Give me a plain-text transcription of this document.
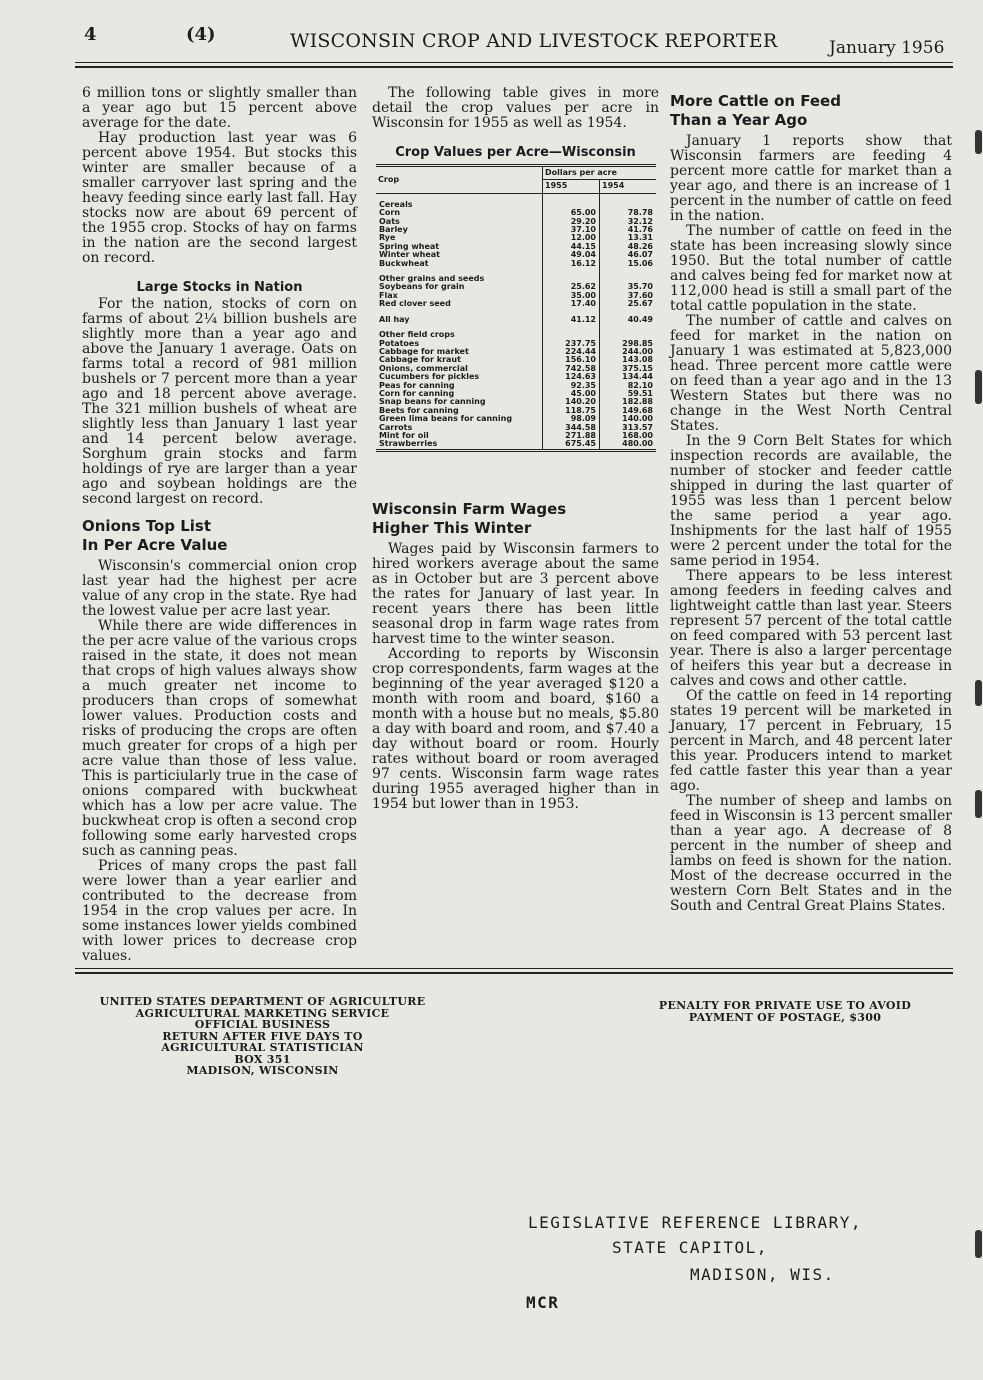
4	(4)	WISCONSIN CROP AND LIVESTOCK REPORTER	January 1956

6 million tons or slightly smaller than a year ago but 15 percent above average for the date.

Hay production last year was 6 percent above 1954. But stocks this winter are smaller because of a smaller carryover last spring and the heavy feeding since early last fall. Hay stocks now are about 69 percent of the 1955 crop. Stocks of hay on farms in the nation are the second largest on record.

Large Stocks in Nation

For the nation, stocks of corn on farms of about 2¼ billion bushels are slightly more than a year ago and above the January 1 average. Oats on farms total a record of 981 million bushels or 7 percent more than a year ago and 18 percent above average. The 321 million bushels of wheat are slightly less than January 1 last year and 14 percent below average. Sorghum grain stocks and farm holdings of rye are larger than a year ago and soybean holdings are the second largest on record.

Onions Top List
In Per Acre Value

Wisconsin's commercial onion crop last year had the highest per acre value of any crop in the state. Rye had the lowest value per acre last year.

While there are wide differences in the per acre value of the various crops raised in the state, it does not mean that crops of high values always show a much greater net income to producers than crops of somewhat lower values. Production costs and risks of producing the crops are often much greater for crops of a high per acre value than those of less value. This is particiularly true in the case of onions compared with buckwheat which has a low per acre value. The buckwheat crop is often a second crop following some early harvested crops such as canning peas.

Prices of many crops the past fall were lower than a year earlier and contributed to the decrease from 1954 in the crop values per acre. In some instances lower yields combined with lower prices to decrease crop values.

The following table gives in more detail the crop values per acre in Wisconsin for 1955 as well as 1954.

Crop Values per Acre—Wisconsin
Crop	Dollars per acre	
	1955	1954
Cereals		
Corn	65.00	78.78
Oats	29.20	32.12
Barley	37.10	41.76
Rye	12.00	13.31
Spring wheat	44.15	48.26
Winter wheat	49.04	46.07
Buckwheat	16.12	15.06
Other grains and seeds		
Soybeans for grain	25.62	35.70
Flax	35.00	37.60
Red clover seed	17.40	25.67
All hay	41.12	40.49
Other field crops		
Potatoes	237.75	298.85
Cabbage for market	224.44	244.00
Cabbage for kraut	156.10	143.08
Onions, commercial	742.58	375.15
Cucumbers for pickles	124.63	134.44
Peas for canning	92.35	82.10
Corn for canning	45.00	59.51
Snap beans for canning	140.20	182.88
Beets for canning	118.75	149.68
Green lima beans for canning	98.09	140.00
Carrots	344.58	313.57
Mint for oil	271.88	168.00
Strawberries	675.45	480.00
Wisconsin Farm Wages
Higher This Winter

Wages paid by Wisconsin farmers to hired workers average about the same as in October but are 3 percent above the rates for January of last year. In recent years there has been little seasonal drop in farm wage rates from harvest time to the winter season.

According to reports by Wisconsin crop correspondents, farm wages at the beginning of the year averaged $120 a month with room and board, $160 a month with a house but no meals, $5.80 a day with board and room, and $7.40 a day without board or room. Hourly rates without board or room averaged 97 cents. Wisconsin farm wage rates during 1955 averaged higher than in 1954 but lower than in 1953.

More Cattle on Feed
Than a Year Ago

January 1 reports show that Wisconsin farmers are feeding 4 percent more cattle for market than a year ago, and there is an increase of 1 percent in the number of cattle on feed in the nation.

The number of cattle on feed in the state has been increasing slowly since 1950. But the total number of cattle and calves being fed for market now at 112,000 head is still a small part of the total cattle population in the state.

The number of cattle and calves on feed for market in the nation on January 1 was estimated at 5,823,000 head. Three percent more cattle were on feed than a year ago and in the 13 Western States but there was no change in the West North Central States.

In the 9 Corn Belt States for which inspection records are available, the number of stocker and feeder cattle shipped in during the last quarter of 1955 was less than 1 percent below the same period a year ago. Inshipments for the last half of 1955 were 2 percent under the total for the same period in 1954.

There appears to be less interest among feeders in feeding calves and lightweight cattle than last year. Steers represent 57 percent of the total cattle on feed compared with 53 percent last year. There is also a larger percentage of heifers this year but a decrease in calves and cows and other cattle.

Of the cattle on feed in 14 reporting states 19 percent will be marketed in January, 17 percent in February, 15 percent in March, and 48 percent later this year. Producers intend to market fed cattle faster this year than a year ago.

The number of sheep and lambs on feed in Wisconsin is 13 percent smaller than a year ago. A decrease of 8 percent in the number of sheep and lambs on feed is shown for the nation. Most of the decrease occurred in the western Corn Belt States and in the South and Central Great Plains States.

UNITED STATES DEPARTMENT OF AGRICULTURE
AGRICULTURAL MARKETING SERVICE
OFFICIAL BUSINESS
RETURN AFTER FIVE DAYS TO
AGRICULTURAL STATISTICIAN
BOX 351
MADISON, WISCONSIN
PENALTY FOR PRIVATE USE TO AVOID
PAYMENT OF POSTAGE, $300
LEGISLATIVE REFERENCE LIBRARY,
STATE CAPITOL,
MADISON, WIS.
MCR
